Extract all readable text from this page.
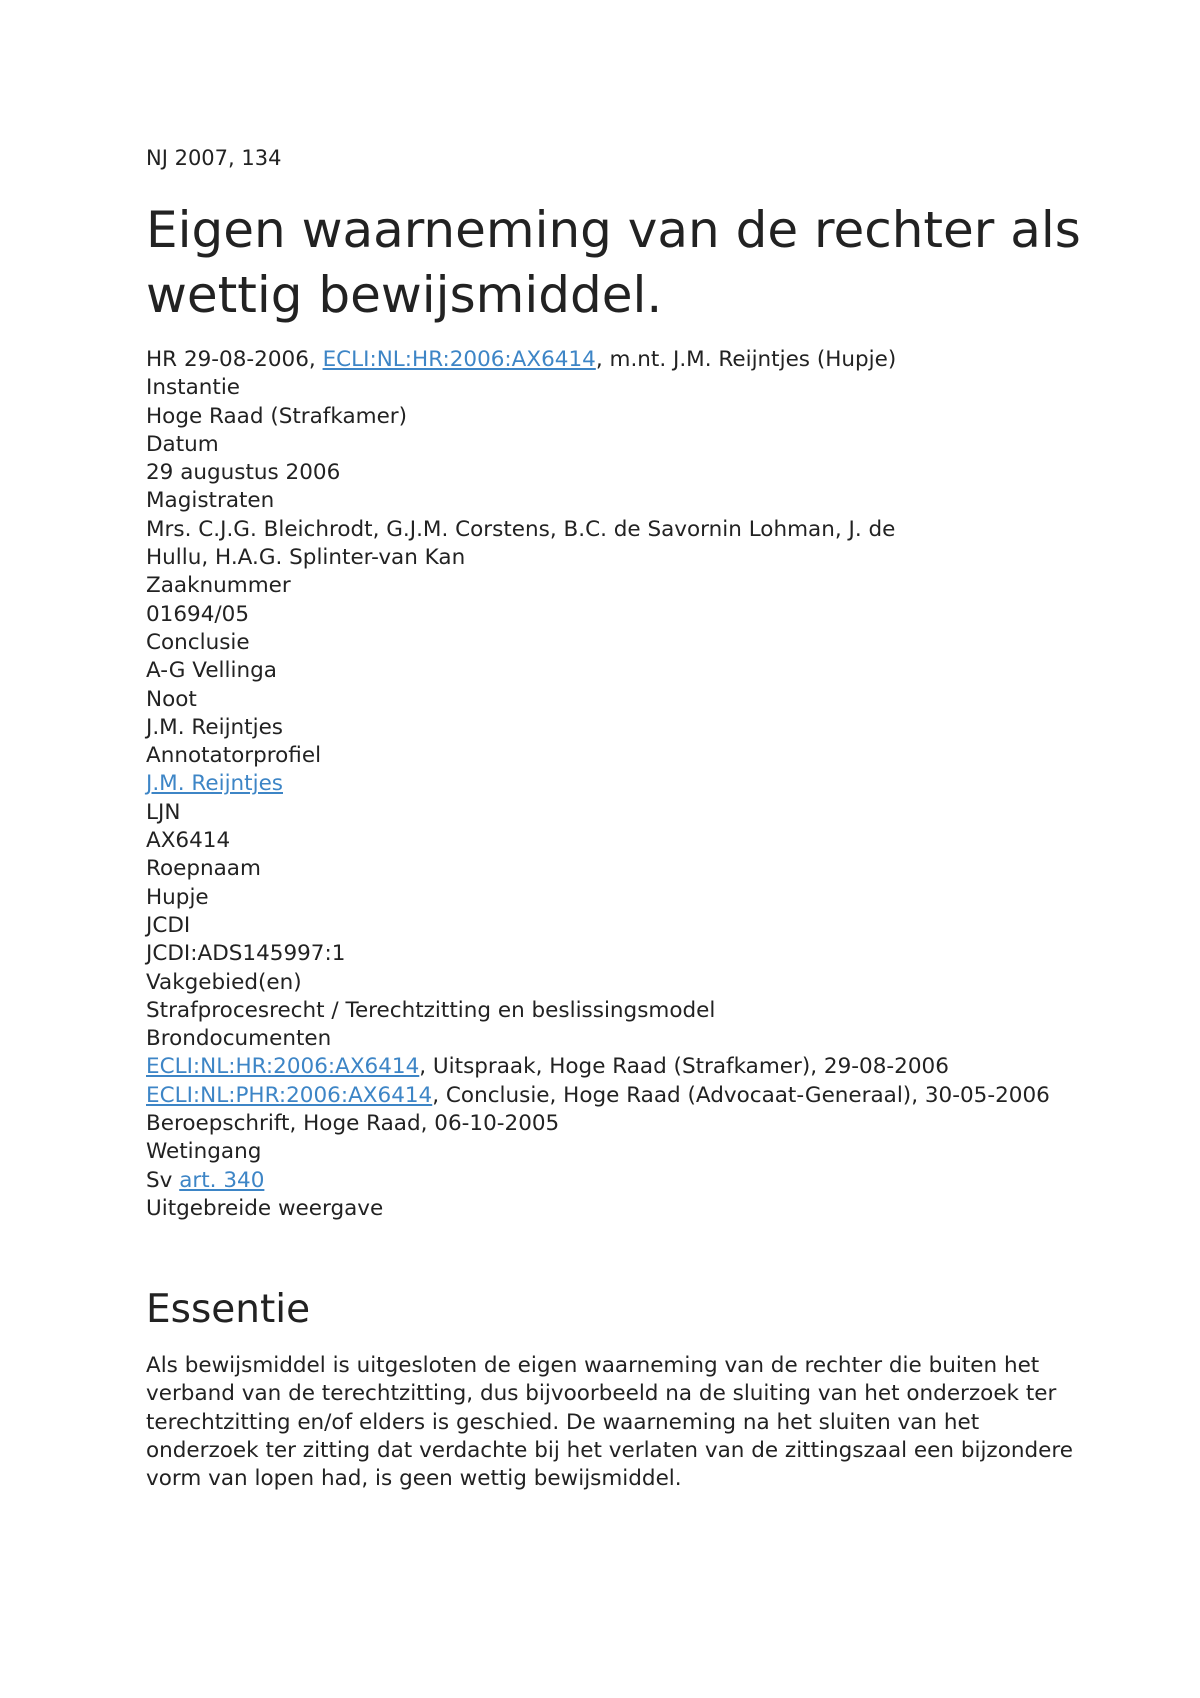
NJ 2007, 134
Eigen waarneming van de rechter als wettig bewijsmiddel.
HR 29-08-2006, ECLI:NL:HR:2006:AX6414, m.nt. J.M. Reijntjes (Hupje)
Instantie
Hoge Raad (Strafkamer)
Datum
29 augustus 2006
Magistraten
Mrs. C.J.G. Bleichrodt, G.J.M. Corstens, B.C. de Savornin Lohman, J. de Hullu, H.A.G. Splinter-van Kan
Zaaknummer
01694/05
Conclusie
A-G Vellinga
Noot
J.M. Reijntjes
Annotatorprofiel
J.M. Reijntjes
LJN
AX6414
Roepnaam
Hupje
JCDI
JCDI:ADS145997:1
Vakgebied(en)
Strafprocesrecht / Terechtzitting en beslissingsmodel
Brondocumenten
ECLI:NL:HR:2006:AX6414, Uitspraak, Hoge Raad (Strafkamer), 29-08-2006
ECLI:NL:PHR:2006:AX6414, Conclusie, Hoge Raad (Advocaat-Generaal), 30-05-2006
Beroepschrift, Hoge Raad, 06-10-2005
Wetingang
Sv art. 340
Uitgebreide weergave
Essentie

Als bewijsmiddel is uitgesloten de eigen waarneming van de rechter die buiten het verband van de terechtzitting, dus bijvoorbeeld na de sluiting van het onderzoek ter terechtzitting en/of elders is geschied. De waarneming na het sluiten van het onderzoek ter zitting dat verdachte bij het verlaten van de zittingszaal een bijzondere vorm van lopen had, is geen wettig bewijsmiddel.
